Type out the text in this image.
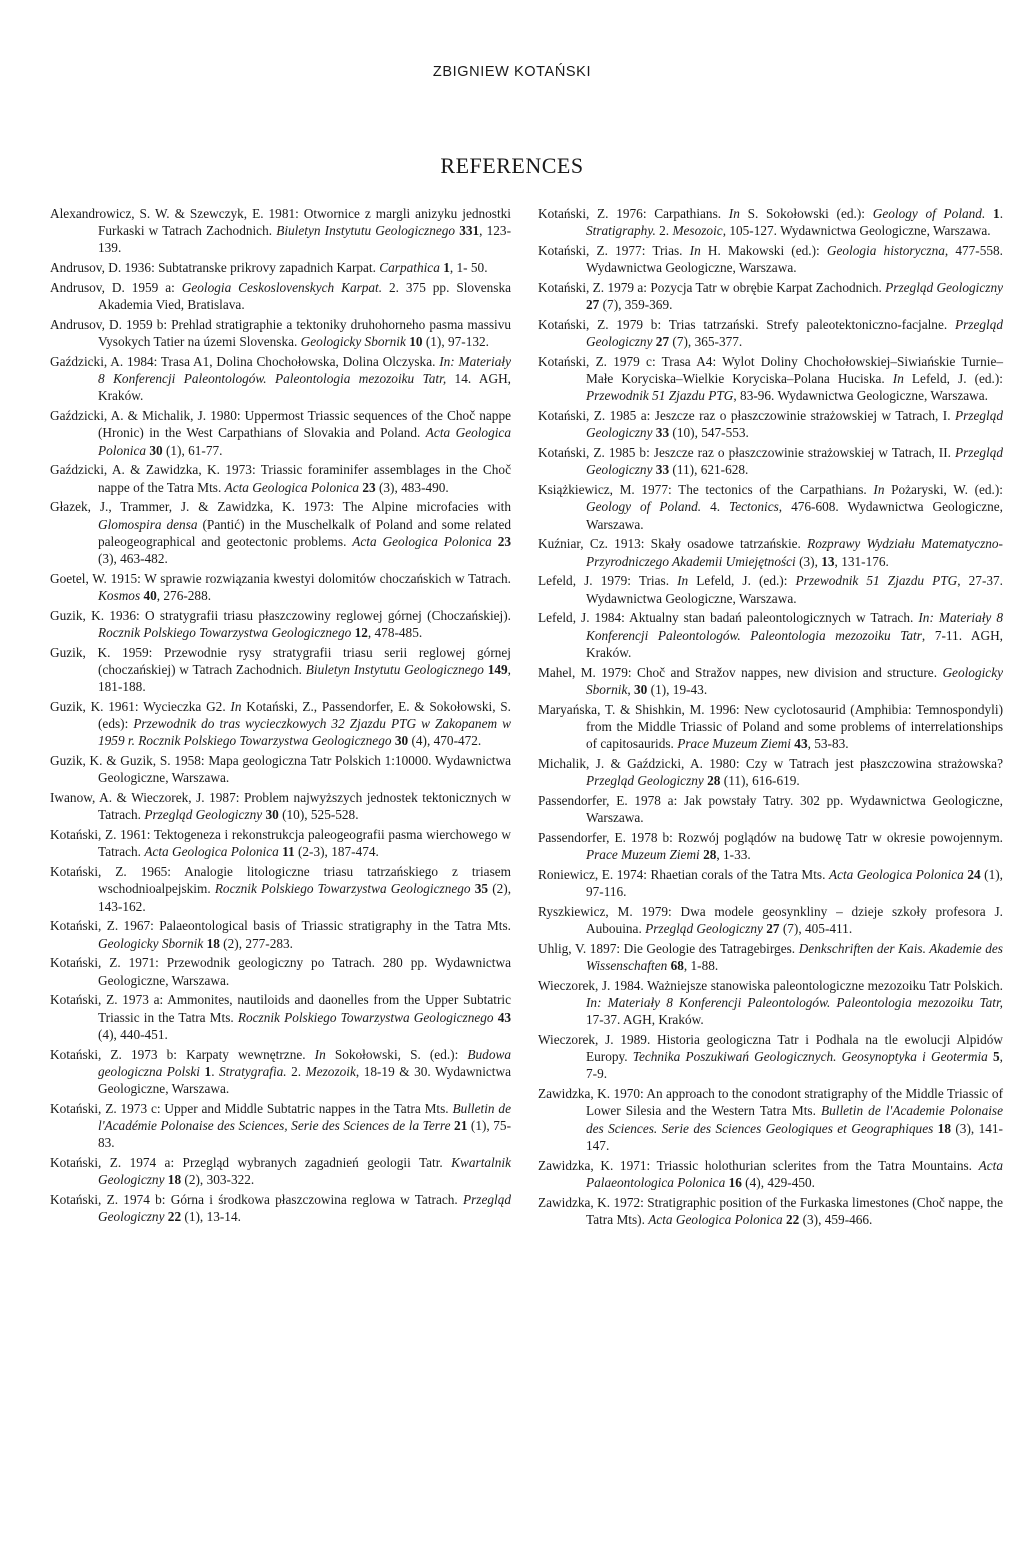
ZBIGNIEW KOTAŃSKI
REFERENCES

Alexandrowicz, S. W. & Szewczyk, E. 1981: Otwornice z margli anizyku jednostki Furkaski w Tatrach Zachodnich. Biuletyn Instytutu Geologicznego 331, 123-139.

Andrusov, D. 1936: Subtatranske prikrovy zapadnich Karpat. Carpathica 1, 1- 50.

Andrusov, D. 1959 a: Geologia Ceskoslovenskych Karpat. 2. 375 pp. Slovenska Akademia Vied, Bratislava.

Andrusov, D. 1959 b: Prehlad stratigraphie a tektoniky druhohorneho pasma massivu Vysokych Tatier na územi Slovenska. Geologicky Sbornik 10 (1), 97-132.

Gaździcki, A. 1984: Trasa A1, Dolina Chochołowska, Dolina Olczyska. In: Materiały 8 Konferencji Paleontologów. Paleontologia mezozoiku Tatr, 14. AGH, Kraków.

Gaździcki, A. & Michalik, J. 1980: Uppermost Triassic sequences of the Choč nappe (Hronic) in the West Carpathians of Slovakia and Poland. Acta Geologica Polonica 30 (1), 61-77.

Gaździcki, A. & Zawidzka, K. 1973: Triassic foraminifer assemblages in the Choč nappe of the Tatra Mts. Acta Geologica Polonica 23 (3), 483-490.

Głazek, J., Trammer, J. & Zawidzka, K. 1973: The Alpine microfacies with Glomospira densa (Pantić) in the Muschelkalk of Poland and some related paleogeographical and geotectonic problems. Acta Geologica Polonica 23 (3), 463-482.

Goetel, W. 1915: W sprawie rozwiązania kwestyi dolomitów choczańskich w Tatrach. Kosmos 40, 276-288.

Guzik, K. 1936: O stratygrafii triasu płaszczowiny reglowej górnej (Choczańskiej). Rocznik Polskiego Towarzystwa Geologicznego 12, 478-485.

Guzik, K. 1959: Przewodnie rysy stratygrafii triasu serii reglowej górnej (choczańskiej) w Tatrach Zachodnich. Biuletyn Instytutu Geologicznego 149, 181-188.

Guzik, K. 1961: Wycieczka G2. In Kotański, Z., Passendorfer, E. & Sokołowski, S. (eds): Przewodnik do tras wycieczkowych 32 Zjazdu PTG w Zakopanem w 1959 r. Rocznik Polskiego Towarzystwa Geologicznego 30 (4), 470-472.

Guzik, K. & Guzik, S. 1958: Mapa geologiczna Tatr Polskich 1:10000. Wydawnictwa Geologiczne, Warszawa.

Iwanow, A. & Wieczorek, J. 1987: Problem najwyższych jednostek tektonicznych w Tatrach. Przegląd Geologiczny 30 (10), 525-528.

Kotański, Z. 1961: Tektogeneza i rekonstrukcja paleogeografii pasma wierchowego w Tatrach. Acta Geologica Polonica 11 (2-3), 187-474.

Kotański, Z. 1965: Analogie litologiczne triasu tatrzańskiego z triasem wschodnioalpejskim. Rocznik Polskiego Towarzystwa Geologicznego 35 (2), 143-162.

Kotański, Z. 1967: Palaeontological basis of Triassic stratigraphy in the Tatra Mts. Geologicky Sbornik 18 (2), 277-283.

Kotański, Z. 1971: Przewodnik geologiczny po Tatrach. 280 pp. Wydawnictwa Geologiczne, Warszawa.

Kotański, Z. 1973 a: Ammonites, nautiloids and daonelles from the Upper Subtatric Triassic in the Tatra Mts. Rocznik Polskiego Towarzystwa Geologicznego 43 (4), 440-451.

Kotański, Z. 1973 b: Karpaty wewnętrzne. In Sokołowski, S. (ed.): Budowa geologiczna Polski 1. Stratygrafia. 2. Mezozoik, 18-19 & 30. Wydawnictwa Geologiczne, Warszawa.

Kotański, Z. 1973 c: Upper and Middle Subtatric nappes in the Tatra Mts. Bulletin de l'Académie Polonaise des Sciences, Serie des Sciences de la Terre 21 (1), 75-83.

Kotański, Z. 1974 a: Przegląd wybranych zagadnień geologii Tatr. Kwartalnik Geologiczny 18 (2), 303-322.

Kotański, Z. 1974 b: Górna i środkowa płaszczowina reglowa w Tatrach. Przegląd Geologiczny 22 (1), 13-14.

Kotański, Z. 1976: Carpathians. In S. Sokołowski (ed.): Geology of Poland. 1. Stratigraphy. 2. Mesozoic, 105-127. Wydawnictwa Geologiczne, Warszawa.

Kotański, Z. 1977: Trias. In H. Makowski (ed.): Geologia historyczna, 477-558. Wydawnictwa Geologiczne, Warszawa.

Kotański, Z. 1979 a: Pozycja Tatr w obrębie Karpat Zachodnich. Przegląd Geologiczny 27 (7), 359-369.

Kotański, Z. 1979 b: Trias tatrzański. Strefy paleotektoniczno-facjalne. Przegląd Geologiczny 27 (7), 365-377.

Kotański, Z. 1979 c: Trasa A4: Wylot Doliny Chochołowskiej–Siwiańskie Turnie–Małe Koryciska–Wielkie Koryciska–Polana Huciska. In Lefeld, J. (ed.): Przewodnik 51 Zjazdu PTG, 83-96. Wydawnictwa Geologiczne, Warszawa.

Kotański, Z. 1985 a: Jeszcze raz o płaszczowinie strażowskiej w Tatrach, I. Przegląd Geologiczny 33 (10), 547-553.

Kotański, Z. 1985 b: Jeszcze raz o płaszczowinie strażowskiej w Tatrach, II. Przegląd Geologiczny 33 (11), 621-628.

Książkiewicz, M. 1977: The tectonics of the Carpathians. In Pożaryski, W. (ed.): Geology of Poland. 4. Tectonics, 476-608. Wydawnictwa Geologiczne, Warszawa.

Kuźniar, Cz. 1913: Skały osadowe tatrzańskie. Rozprawy Wydziału Matematyczno-Przyrodniczego Akademii Umiejętności (3), 13, 131-176.

Lefeld, J. 1979: Trias. In Lefeld, J. (ed.): Przewodnik 51 Zjazdu PTG, 27-37. Wydawnictwa Geologiczne, Warszawa.

Lefeld, J. 1984: Aktualny stan badań paleontologicznych w Tatrach. In: Materiały 8 Konferencji Paleontologów. Paleontologia mezozoiku Tatr, 7-11. AGH, Kraków.

Mahel, M. 1979: Choč and Stražov nappes, new division and structure. Geologicky Sbornik, 30 (1), 19-43.

Maryańska, T. & Shishkin, M. 1996: New cyclotosaurid (Amphibia: Temnospondyli) from the Middle Triassic of Poland and some problems of interrelationships of capitosaurids. Prace Muzeum Ziemi 43, 53-83.

Michalik, J. & Gaździcki, A. 1980: Czy w Tatrach jest płaszczowina strażowska? Przegląd Geologiczny 28 (11), 616-619.

Passendorfer, E. 1978 a: Jak powstały Tatry. 302 pp. Wydawnictwa Geologiczne, Warszawa.

Passendorfer, E. 1978 b: Rozwój poglądów na budowę Tatr w okresie powojennym. Prace Muzeum Ziemi 28, 1-33.

Roniewicz, E. 1974: Rhaetian corals of the Tatra Mts. Acta Geologica Polonica 24 (1), 97-116.

Ryszkiewicz, M. 1979: Dwa modele geosynkliny – dzieje szkoły profesora J. Aubouina. Przegląd Geologiczny 27 (7), 405-411.

Uhlig, V. 1897: Die Geologie des Tatragebirges. Denkschriften der Kais. Akademie des Wissenschaften 68, 1-88.

Wieczorek, J. 1984. Ważniejsze stanowiska paleontologiczne mezozoiku Tatr Polskich. In: Materiały 8 Konferencji Paleontologów. Paleontologia mezozoiku Tatr, 17-37. AGH, Kraków.

Wieczorek, J. 1989. Historia geologiczna Tatr i Podhala na tle ewolucji Alpidów Europy. Technika Poszukiwań Geologicznych. Geosynoptyka i Geotermia 5, 7-9.

Zawidzka, K. 1970: An approach to the conodont stratigraphy of the Middle Triassic of Lower Silesia and the Western Tatra Mts. Bulletin de l'Academie Polonaise des Sciences. Serie des Sciences Geologiques et Geographiques 18 (3), 141-147.

Zawidzka, K. 1971: Triassic holothurian sclerites from the Tatra Mountains. Acta Palaeontologica Polonica 16 (4), 429-450.

Zawidzka, K. 1972: Stratigraphic position of the Furkaska limestones (Choč nappe, the Tatra Mts). Acta Geologica Polonica 22 (3), 459-466.
